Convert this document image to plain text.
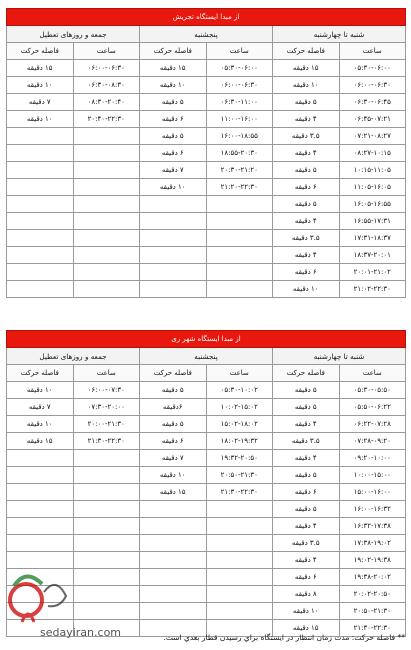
از مبدا ایستگاه تجریش					
شنبه تا چهارشنبه		پنجشنبه		جمعه و روزهای تعطیل	
ساعت	فاصله حرکت	ساعت	فاصله حرکت	ساعت	فاصله حرکت
۰۵:۳۰-۰۶:۰۰	۱۵ دقیقه	۰۵:۳۰-۰۶:۰۰	۱۵ دقیقه	۰۶:۰۰-۰۶:۳۰	۱۵ دقیقه
۰۶:۰۰-۰۶:۳۰	۱۰ دقیقه	۰۶:۰۰-۰۶:۳۰	۱۰ دقیقه	۰۶:۳۰-۰۸:۳۰	۱۰ دقیقه
۰۶:۳۰-۰۶:۴۵	۵ دقیقه	۰۶:۳۰-۱۱:۰۰	۵ دقیقه	۰۸:۳۰-۲۰:۴۰	۷ دقیقه
۰۶:۴۵-۰۷:۲۱	۴ دقیقه	۱۱:۰۰-۱۶:۰۰	۶ دقیقه	۲۰:۴۰-۲۲:۳۰	۱۰ دقیقه
۰۷:۲۱-۰۸:۲۷	۳.۵ دقیقه	۱۶:۰۰-۱۸:۵۵	۵ دقیقه		
۰۸:۲۷-۱۰:۱۵	۴ دقیقه	۱۸:۵۵-۲۰:۳۰	۶ دقیقه		
۱۰:۱۵-۱۱:۰۵	۵ دقیقه	۲۰:۳۰-۲۱:۲۰	۷ دقیقه		
۱۱:۰۵-۱۶:۰۵	۶ دقیقه	۲۱:۲۰-۲۲:۳۰	۱۰ دقیقه		
۱۶:۰۵-۱۶:۵۵	۵ دقیقه				
۱۶:۵۵-۱۷:۳۱	۴ دقیقه				
۱۷:۳۱-۱۸:۳۷	۳.۵ دقیقه				
۱۸:۳۷-۲۰:۰۱	۴ دقیقه				
۲۰:۰۱-۲۱:۰۲	۶ دقیقه				
۲۱:۰۲-۲۲:۳۰	۱۰ دقیقه				
از مبدا ایستگاه شهر ری					
شنبه تا چهارشنبه		پنجشنبه		جمعه و روزهای تعطیل	
ساعت	فاصله حرکت	ساعت	فاصله حرکت	ساعت	فاصله حرکت
۰۵:۳۰-۰۵:۵۰	۵ دقیقه	۰۵:۳۰-۱۰:۰۲	۵ دقیقه	۰۶:۰۰-۰۷:۳۰	۱۰ دقیقه
۰۵:۵۰-۰۶:۲۲	۵ دقیقه	۱۰:۰۲-۱۵:۰۲	۶دقیقه	۰۷:۳۰-۲۰:۰۰	۷ دقیقه
۰۶:۲۲-۰۷:۲۸	۴ دقیقه	۱۵:۰۲-۱۸:۰۲	۵ دقیقه	۲۰:۰۰-۲۱:۳۰	۱۰ دقیقه
۰۷:۲۸-۰۹:۲۰	۳.۵ دقیقه	۱۸:۰۲-۱۹:۳۲	۶ دقیقه	۲۱:۳۰-۲۲:۳۰	۱۵ دقیقه
۰۹:۲۰-۱۰:۰۰	۴ دقیقه	۱۹:۳۲-۲۰:۵۰	۷ دقیقه		
۱۰:۰۰-۱۵:۰۰	۵ دقیقه	۲۰:۵۰-۲۱:۳۰	۱۰ دقیقه		
۱۵:۰۰-۱۶:۰۰	۶ دقیقه	۲۱:۳۰-۲۲:۳۰	۱۵ دقیقه		
۱۶:۰۰-۱۶:۳۲	۵ دقیقه				
۱۶:۳۲-۱۷:۳۸	۴ دقیقه				
۱۷:۳۸-۱۹:۰۲	۳.۵ دقیقه				
۱۹:۰۲-۱۹:۳۸	۴ دقیقه				
۱۹:۳۸-۲۰:۰۲	۶ دقیقه				
۲۰:۰۲-۲۰:۵۰	۸ دقیقه				
۲۰:۵۰-۲۱:۳۰	۱۰ دقیقه				
۲۱:۳۰-۲۲:۳۰	۱۵ دقیقه				
** فاصله حرکت: مدت زمان انتظار در ایستگاه براي رسیدن قطار بعدي است.
sedayiran.com
